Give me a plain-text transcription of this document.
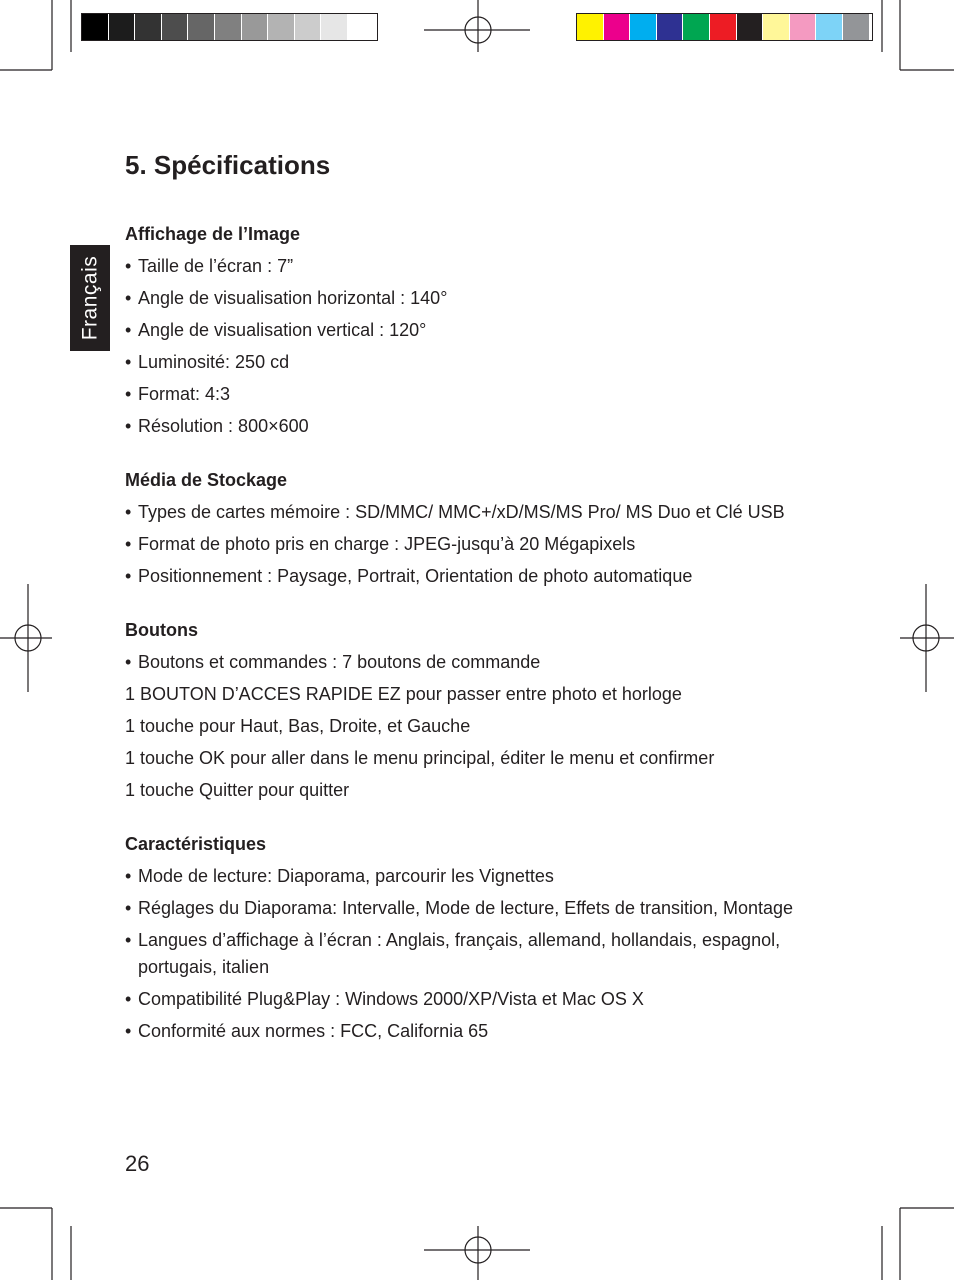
Français
5. Spécifications
Affichage de l’Image
• Taille de l’écran : 7”
• Angle de visualisation horizontal : 140°
• Angle de visualisation vertical : 120°
• Luminosité: 250 cd
• Format: 4:3
• Résolution : 800×600
Média de Stockage
• Types de cartes mémoire : SD/MMC/ MMC+/xD/MS/MS Pro/ MS Duo et Clé USB
• Format de photo pris en charge : JPEG-jusqu’à 20 Mégapixels
• Positionnement : Paysage, Portrait, Orientation de photo automatique
Boutons
• Boutons et commandes : 7 boutons de commande

1 BOUTON D’ACCES RAPIDE EZ pour passer entre photo et horloge

1 touche pour Haut, Bas, Droite, et Gauche

1 touche OK pour aller dans le menu principal, éditer le menu et confirmer

1 touche Quitter pour quitter

Caractéristiques
• Mode de lecture: Diaporama, parcourir les Vignettes
• Réglages du Diaporama: Intervalle, Mode de lecture, Effets de transition, Montage
• Langues d’affichage à l’écran : Anglais, français, allemand, hollandais, espagnol, portugais, italien
• Compatibilité Plug&Play : Windows 2000/XP/Vista et Mac OS X
• Conformité aux normes : FCC, California 65
26
